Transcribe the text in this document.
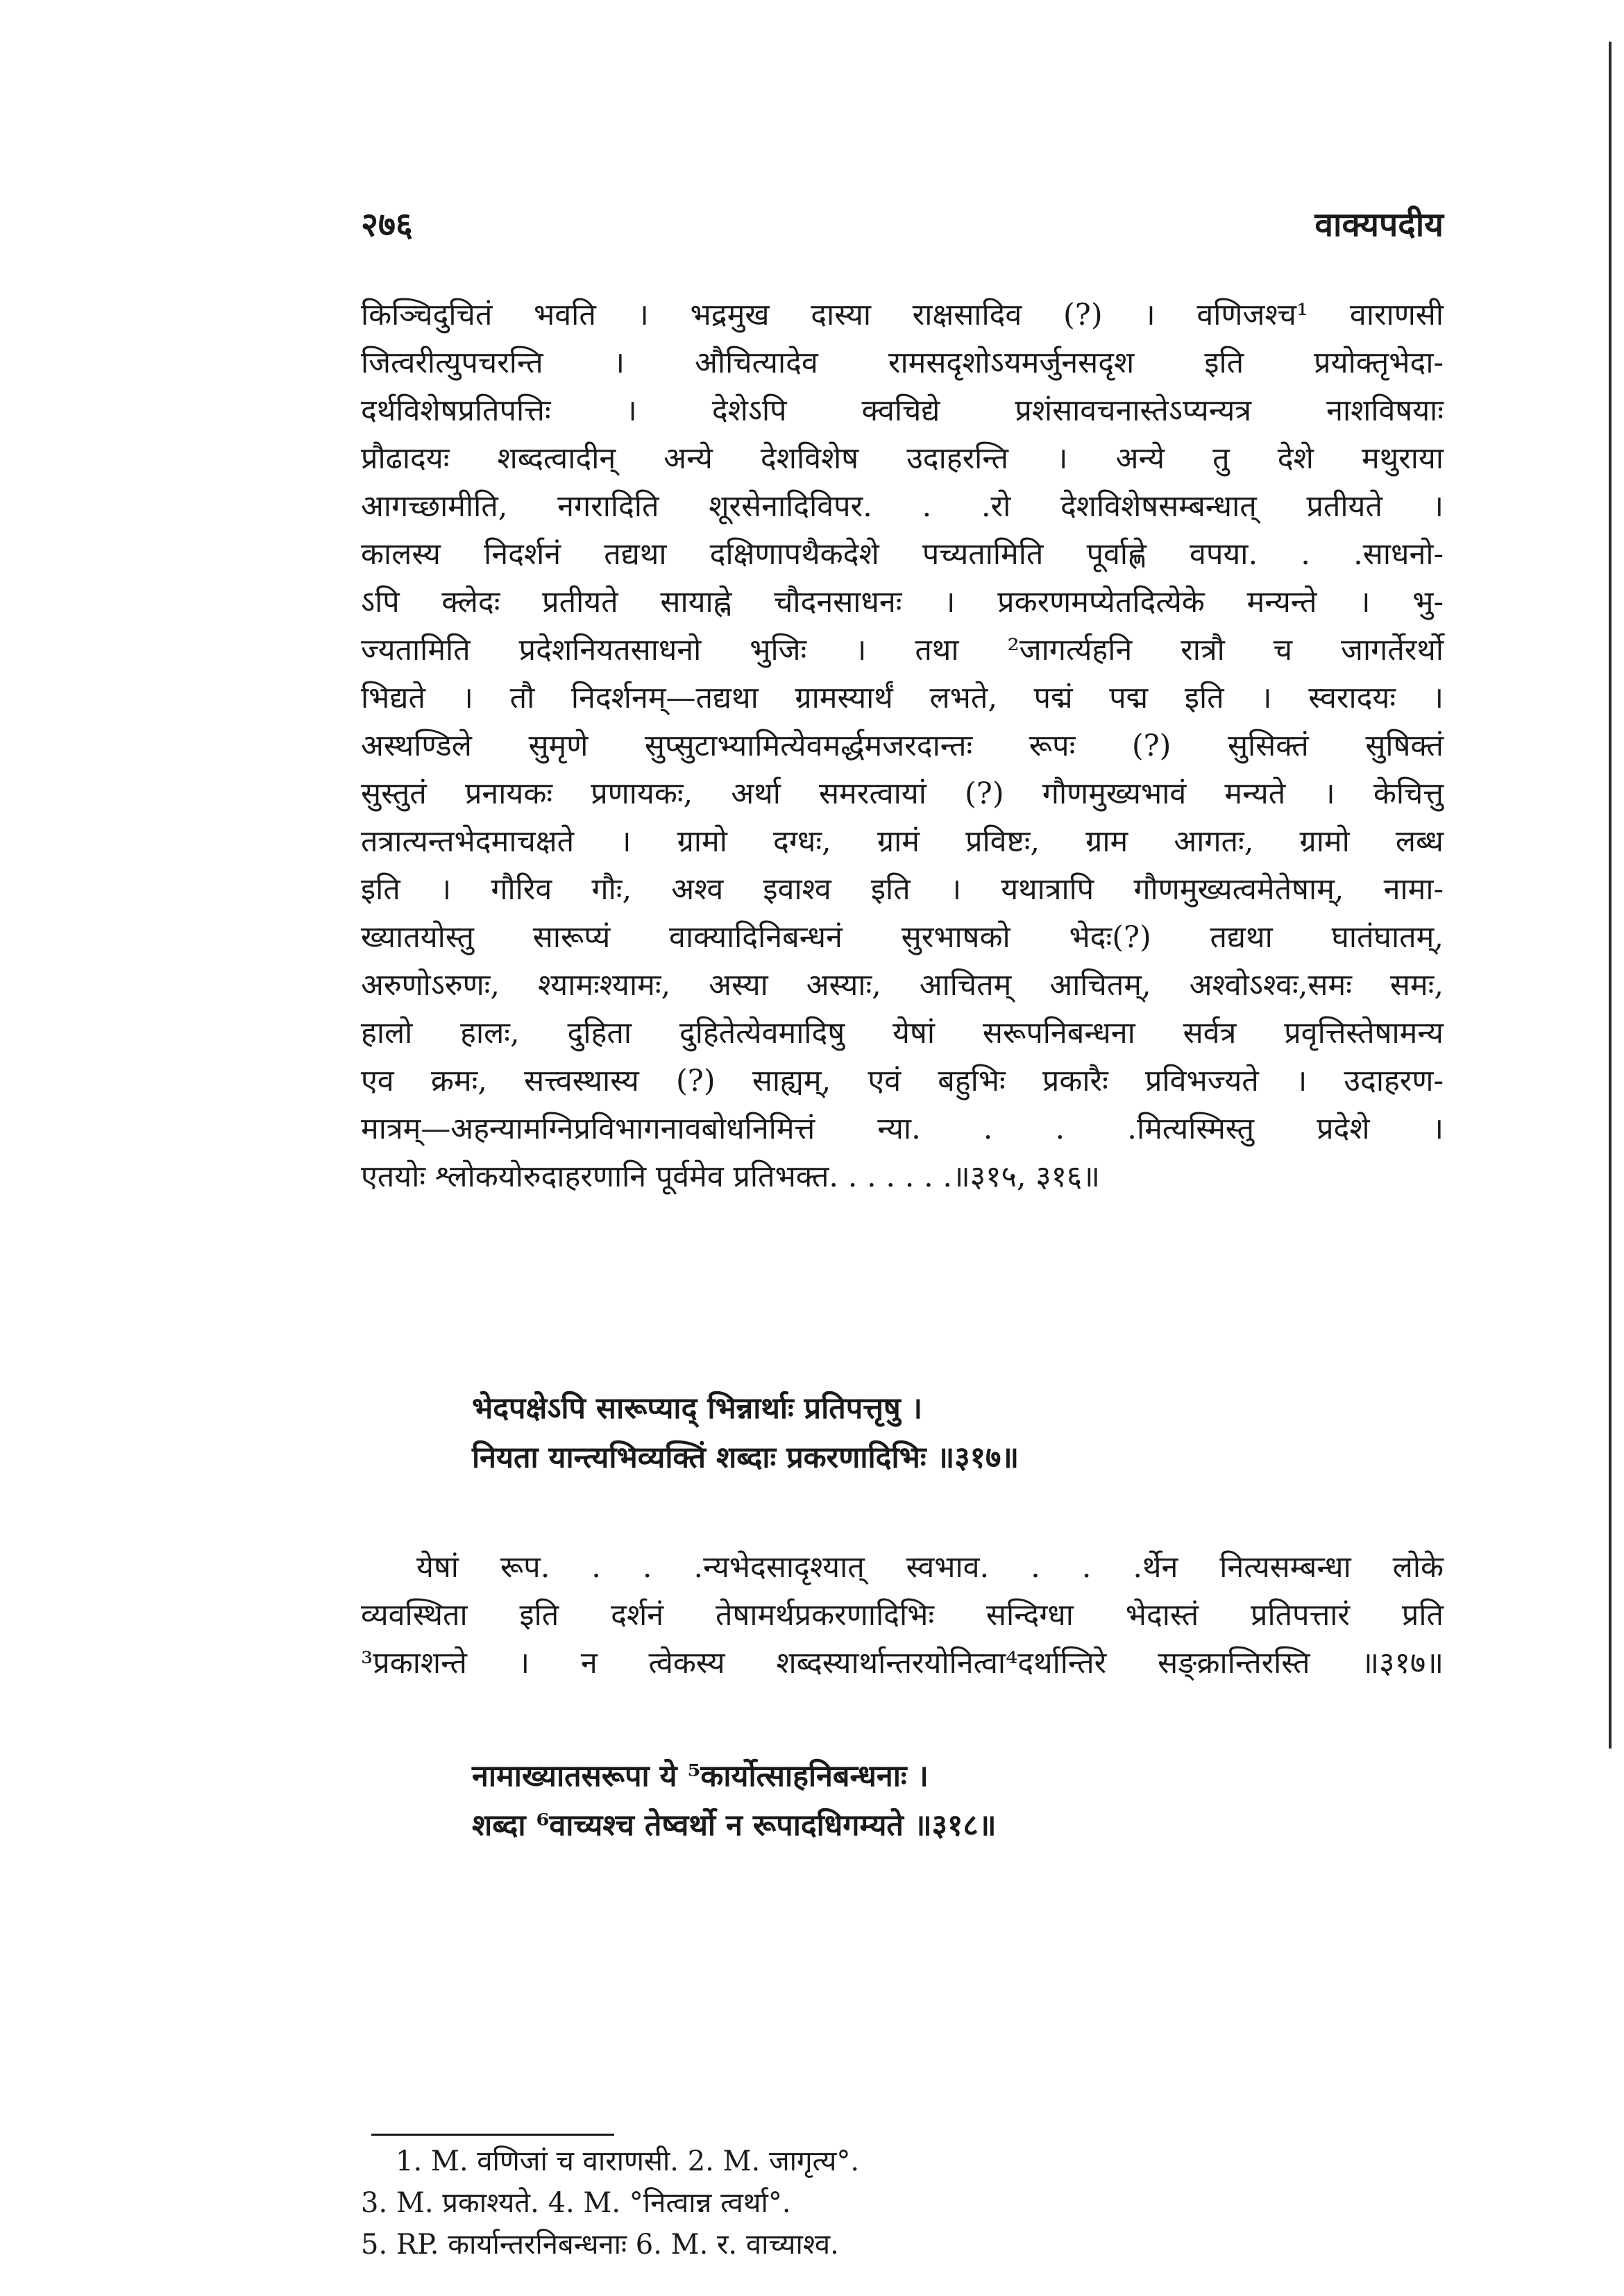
२७६	वाक्यपदीय
किञ्चिदुचितं भवति । भद्रमुख दास्या राक्षसादिव (?) । वणिजश्च¹ वाराणसी
जित्वरीत्युपचरन्ति । औचित्यादेव रामसदृशोऽयमर्जुनसदृश इति प्रयोक्तृभेदा-
दर्थविशेषप्रतिपत्तिः । देशेऽपि क्वचिद्ये प्रशंसावचनास्तेऽप्यन्यत्र नाशविषयाः
प्रौढादयः शब्दत्वादीन् अन्ये देशविशेष उदाहरन्ति । अन्ये तु देशे मथुराया
आगच्छामीति, नगरादिति शूरसेनादिविपर. . .रो देशविशेषसम्बन्धात् प्रतीयते ।
कालस्य निदर्शनं तद्यथा दक्षिणापथैकदेशे पच्यतामिति पूर्वाह्णे वपया. . .साधनो-
ऽपि क्लेदः प्रतीयते सायाह्ने चौदनसाधनः । प्रकरणमप्येतदित्येके मन्यन्ते । भु-
ज्यतामिति प्रदेशनियतसाधनो भुजिः । तथा ²जागर्त्यहनि रात्रौ च जागर्तेरर्थो
भिद्यते । तौ निदर्शनम्—तद्यथा ग्रामस्यार्थं लभते, पद्मं पद्म इति । स्वरादयः ।
अस्थण्डिले सुमृणे सुप्सुटाभ्यामित्येवमर्द्धमजरदान्तः रूपः (?) सुसिक्तं सुषिक्तं
सुस्तुतं प्रनायकः प्रणायकः, अर्था समरत्वायां (?) गौणमुख्यभावं मन्यते । केचित्तु
तत्रात्यन्तभेदमाचक्षते । ग्रामो दग्धः, ग्रामं प्रविष्टः, ग्राम आगतः, ग्रामो लब्ध
इति । गौरिव गौः, अश्व इवाश्व इति । यथात्रापि गौणमुख्यत्वमेतेषाम्, नामा-
ख्यातयोस्तु सारूप्यं वाक्यादिनिबन्धनं सुरभाषको भेदः(?) तद्यथा घातंघातम्,
अरुणोऽरुणः, श्यामःश्यामः, अस्या अस्याः, आचितम् आचितम्, अश्वोऽश्वः,समः समः,
हालो हालः, दुहिता दुहितेत्येवमादिषु येषां सरूपनिबन्धना सर्वत्र प्रवृत्तिस्तेषामन्य
एव क्रमः, सत्त्वस्थास्य (?) साह्यम्, एवं बहुभिः प्रकारैः प्रविभज्यते । उदाहरण-
मात्रम्—अहन्यामग्निप्रविभागनावबोधनिमित्तं न्या. . . .मित्यस्मिस्तु प्रदेशे ।
एतयोः श्लोकयोरुदाहरणानि पूर्वमेव प्रतिभक्त. . . . . . .॥३१५, ३१६॥
भेदपक्षेऽपि सारूप्याद् भिन्नार्थाः प्रतिपत्तृषु ।
नियता यान्त्यभिव्यक्तिं शब्दाः प्रकरणादिभिः ॥३१७॥
येषां रूप. . . .न्यभेदसादृश्यात् स्वभाव. . . .र्थेन नित्यसम्बन्धा लोके
व्यवस्थिता इति दर्शनं तेषामर्थप्रकरणादिभिः सन्दिग्धा भेदास्तं प्रतिपत्तारं प्रति
³प्रकाशन्ते । न त्वेकस्य शब्दस्यार्थान्तरयोनित्वा⁴दर्थान्तिरे सङ्क्रान्तिरस्ति ॥३१७॥
नामाख्यातसरूपा ये ⁵कार्योत्साहनिबन्धनाः ।
शब्दा ⁶वाच्यश्च तेष्वर्थो न रूपादधिगम्यते ॥३१८॥
1. M. वणिजां च वाराणसी. 2. M. जागृत्य°.
3. M. प्रकाश्यते. 4. M. °नित्वान्न त्वर्था°.
5. RP. कार्यान्तरनिबन्धनाः 6. M. र. वाच्याश्व.
